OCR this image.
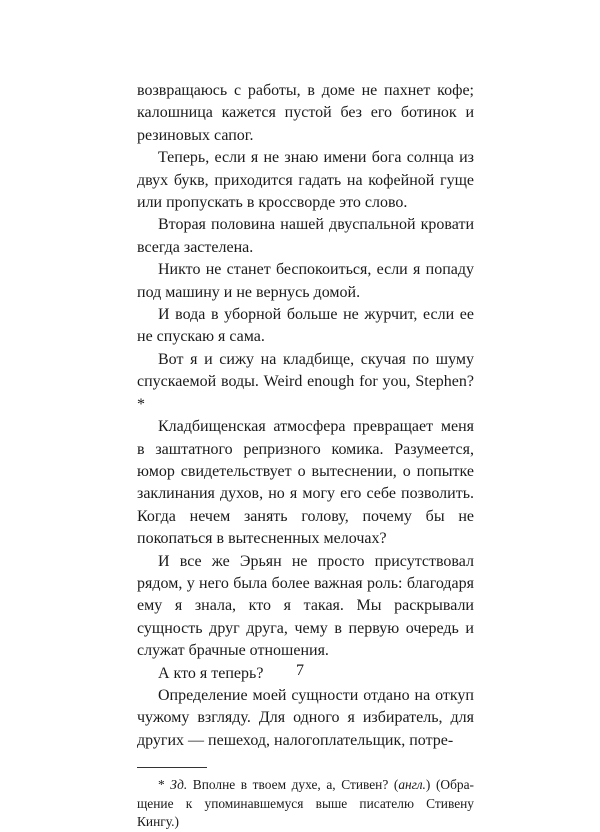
возвращаюсь с работы, в доме не пахнет кофе; калошница кажется пустой без его ботинок и резиновых сапог.

Теперь, если я не знаю имени бога солнца из двух букв, приходится гадать на кофейной гуще или пропускать в кроссворде это слово.

Вторая половина нашей двуспальной кровати всегда застелена.

Никто не станет беспокоиться, если я попаду под машину и не вернусь домой.

И вода в уборной больше не журчит, если ее не спускаю я сама.

Вот я и сижу на кладбище, скучая по шуму спускаемой воды. Weird enough for you, Stephen?*

Кладбищенская атмосфера превращает меня в заштатного репризного комика. Разумеется, юмор свидетельствует о вытеснении, о попытке заклинания духов, но я могу его себе позволить. Когда нечем занять голову, почему бы не покопаться в вытесненных мелочах?

И все же Эрьян не просто присутствовал рядом, у него была более важная роль: благодаря ему я знала, кто я такая. Мы раскрывали сущность друг друга, чему в первую очередь и служат брачные отношения.

А кто я теперь?

Определение моей сущности отдано на откуп чужому взгляду. Для одного я избиратель, для других — пешеход, налогоплательщик, потре-

* Зд. Вполне в твоем духе, а, Стивен? (англ.) (Обращение к упоминавшемуся выше писателю Стивену Кингу.)

7
